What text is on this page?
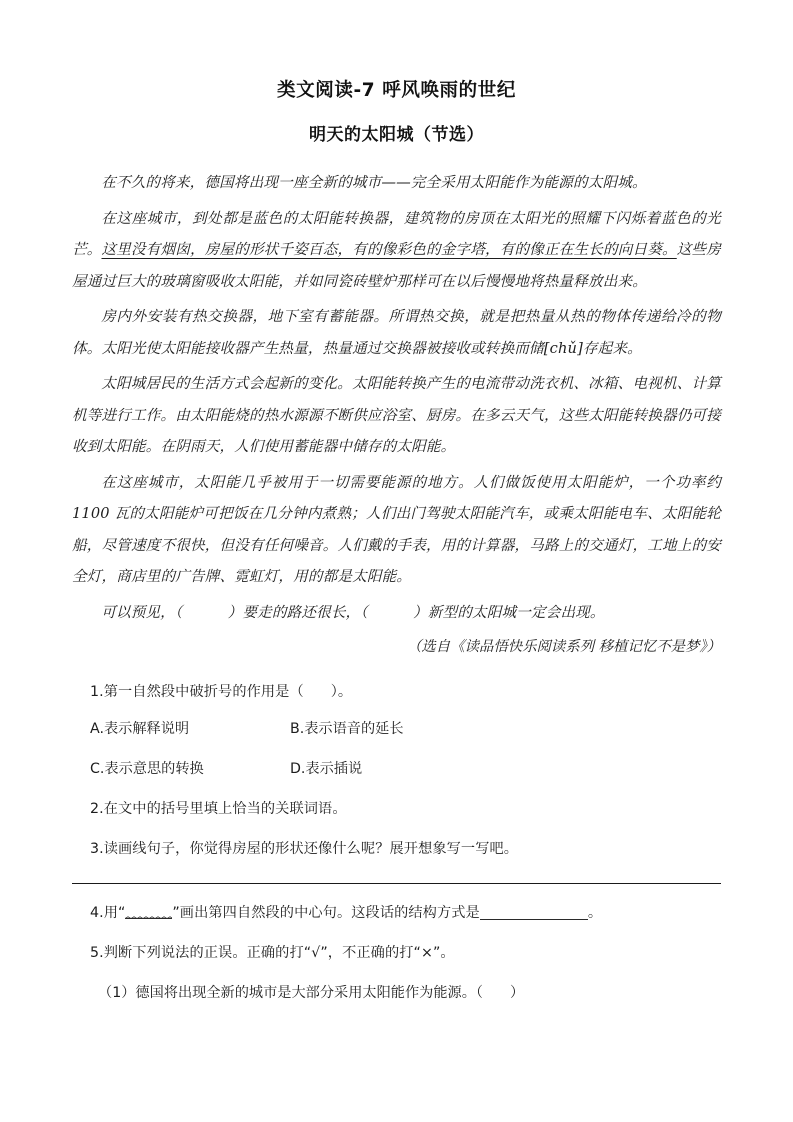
类文阅读-7 呼风唤雨的世纪
明天的太阳城（节选）

在不久的将来，德国将出现一座全新的城市——完全采用太阳能作为能源的太阳城。

在这座城市，到处都是蓝色的太阳能转换器，建筑物的房顶在太阳光的照耀下闪烁着蓝色的光芒。这里没有烟囱，房屋的形状千姿百态，有的像彩色的金字塔，有的像正在生长的向日葵。这些房屋通过巨大的玻璃窗吸收太阳能，并如同瓷砖壁炉那样可在以后慢慢地将热量释放出来。

房内外安装有热交换器，地下室有蓄能器。所谓热交换，就是把热量从热的物体传递给冷的物体。太阳光使太阳能接收器产生热量，热量通过交换器被接收或转换而储[chǔ]存起来。

太阳城居民的生活方式会起新的变化。太阳能转换产生的电流带动洗衣机、冰箱、电视机、计算机等进行工作。由太阳能烧的热水源源不断供应浴室、厨房。在多云天气，这些太阳能转换器仍可接收到太阳能。在阴雨天，人们使用蓄能器中储存的太阳能。

在这座城市，太阳能几乎被用于一切需要能源的地方。人们做饭使用太阳能炉，一个功率约 1100 瓦的太阳能炉可把饭在几分钟内煮熟；人们出门驾驶太阳能汽车，或乘太阳能电车、太阳能轮船，尽管速度不很快，但没有任何噪音。人们戴的手表，用的计算器，马路上的交通灯，工地上的安全灯，商店里的广告牌、霓虹灯，用的都是太阳能。

可以预见，（	）要走的路还很长，（	）新型的太阳城一定会出现。

（选自《读品悟快乐阅读系列 移植记忆不是梦》）

1.第一自然段中破折号的作用是（ ）。

A.表示解释说明	B.表示语音的延长

C.表示意思的转换	D.表示插说

2.在文中的括号里填上恰当的关联词语。

3.读画线句子，你觉得房屋的形状还像什么呢？展开想象写一写吧。

4.用“	”画出第四自然段的中心句。这段话的结构方式是	。

5.判断下列说法的正误。正确的打“√”，不正确的打“×”。

（1）德国将出现全新的城市是大部分采用太阳能作为能源。（ ）
